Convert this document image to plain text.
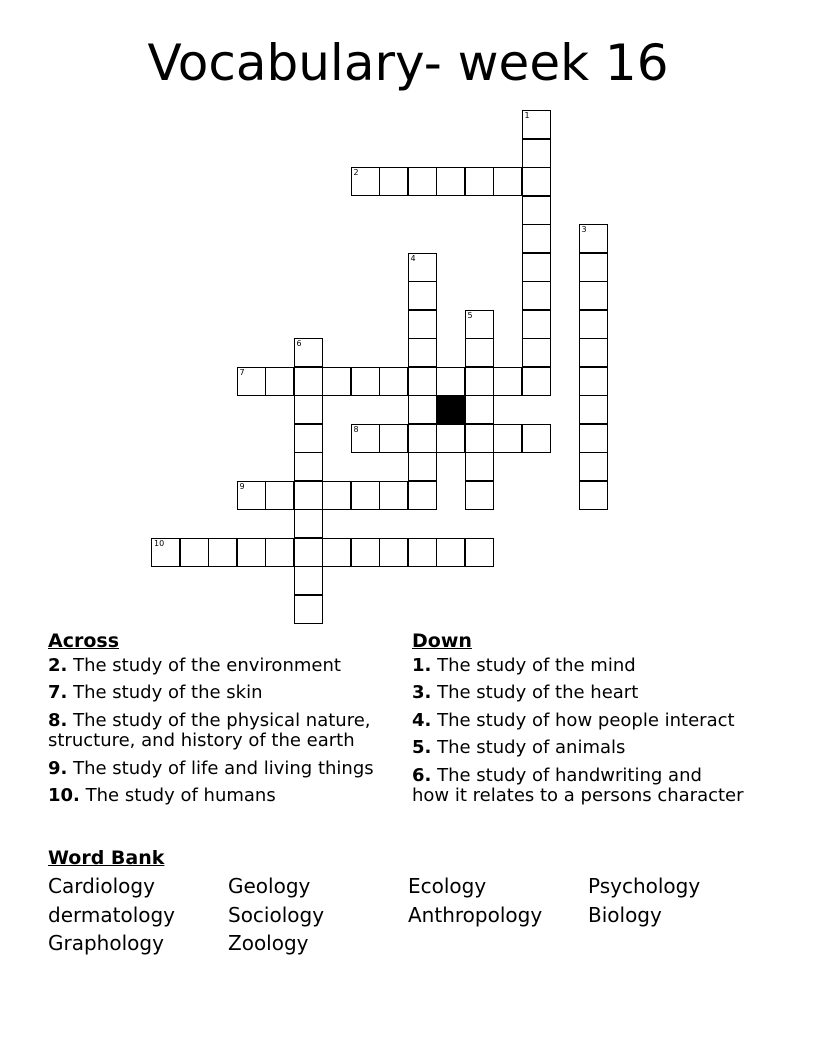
Vocabulary- week 16
1
2
3
4
5
6
7
8
9
10
Across
2. The study of the environment
7. The study of the skin
8. The study of the physical nature,
structure, and history of the earth
9. The study of life and living things
10. The study of humans
Down
1. The study of the mind
3. The study of the heart
4. The study of how people interact
5. The study of animals
6. The study of handwriting and
how it relates to a persons character
Word Bank
Cardiology	Geology	Ecology	Psychology
dermatology	Sociology	Anthropology Biology
Graphology	Zoology
